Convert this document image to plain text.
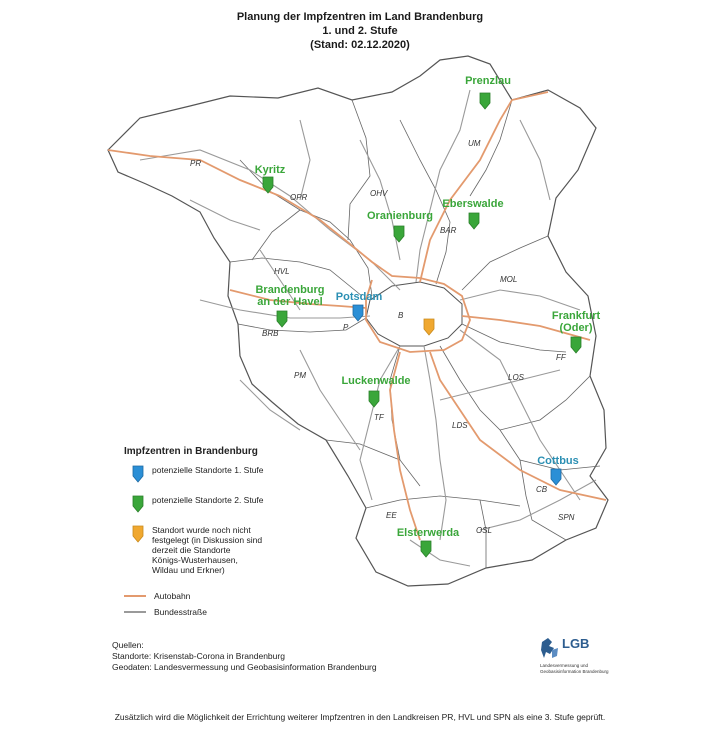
Planung der Impfzentren im Land Brandenburg
1. und 2. Stufe
(Stand: 02.12.2020)
Prenzlau
Kyritz
Oranienburg
Eberswalde
Brandenburg
an der Havel Potsdam
Frankfurt
(Oder)
Luckenwalde
Cottbus
Elsterwerda
UM
PR
OPR	OHV
BAR
HVL
MOL
BRB
P
B
FF
PM	LOS
TF
LDS
CB
EE
OSL
SPN
Impfzentren in Brandenburg
potenzielle Standorte 1. Stufe
potenzielle Standorte 2. Stufe
Standort wurde noch nicht
festgelegt (in Diskussion sind
derzeit die Standorte
Königs-Wusterhausen,
Wildau und Erkner)
Autobahn
Bundesstraße
Quellen:
Standorte: Krisenstab-Corona in Brandenburg
Geodaten: Landesvermessung und Geobasisinformation Brandenburg
LGB
Landesvermessung und
Geobasisinformation Brandenburg
Zusätzlich wird die Möglichkeit der Errichtung weiterer Impfzentren in den Landkreisen PR, HVL und SPN als eine 3. Stufe geprüft.
